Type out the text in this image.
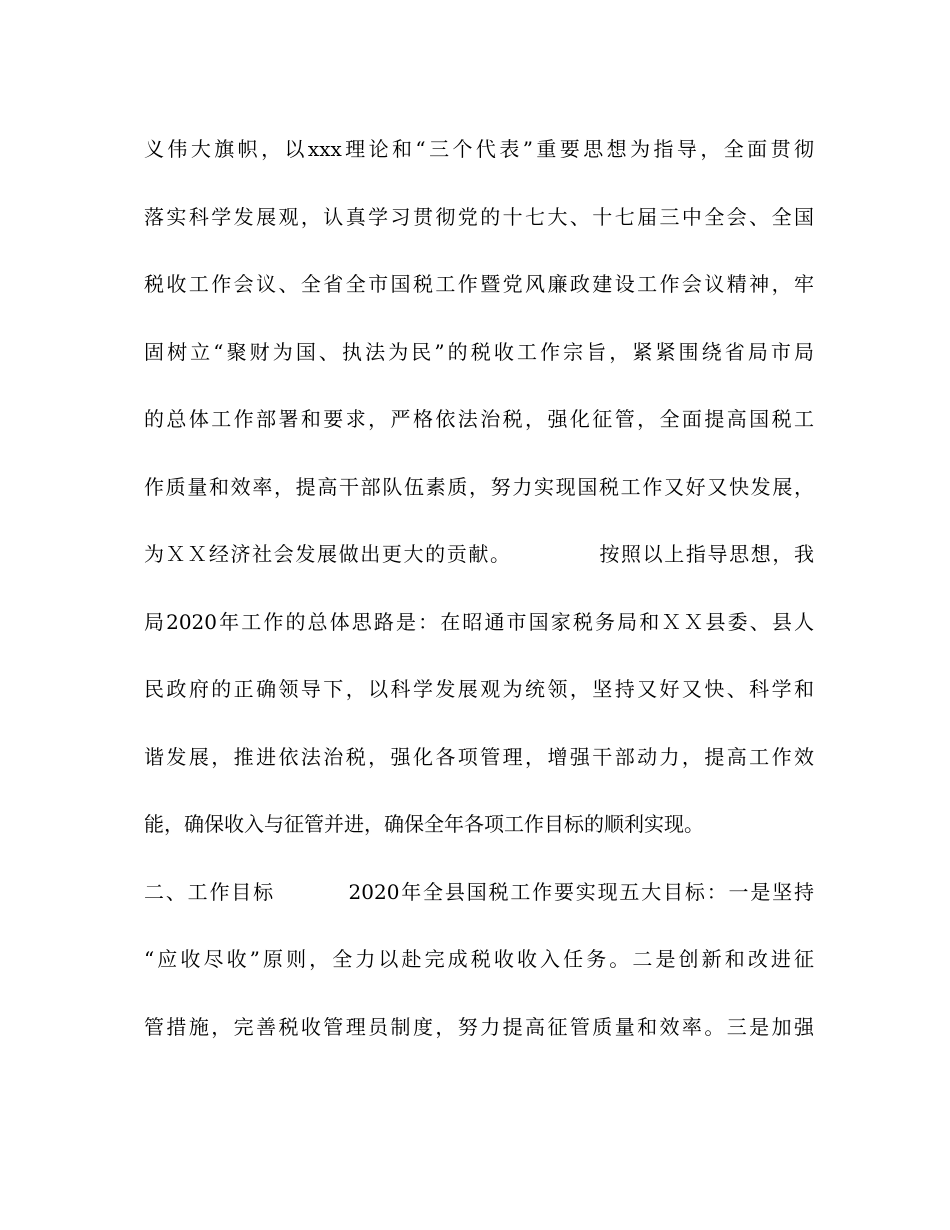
义伟大旗帜，以xxx理论和“三个代表”重要思想为指导，全面贯彻
落实科学发展观，认真学习贯彻党的十七大、十七届三中全会、全国
税收工作会议、全省全市国税工作暨党风廉政建设工作会议精神，牢
固树立“聚财为国、执法为民”的税收工作宗旨，紧紧围绕省局市局
的总体工作部署和要求，严格依法治税，强化征管，全面提高国税工
作质量和效率，提高干部队伍素质，努力实现国税工作又好又快发展，
为ＸＸ经济社会发展做出更大的贡献。           按照以上指导思想，我
局2020年工作的总体思路是：在昭通市国家税务局和ＸＸ县委、县人
民政府的正确领导下，以科学发展观为统领，坚持又好又快、科学和
谐发展，推进依法治税，强化各项管理，增强干部动力，提高工作效
能，确保收入与征管并进，确保全年各项工作目标的顺利实现。
二、工作目标         2020年全县国税工作要实现五大目标：一是坚持
“应收尽收”原则，全力以赴完成税收收入任务。二是创新和改进征
管措施，完善税收管理员制度，努力提高征管质量和效率。三是加强
